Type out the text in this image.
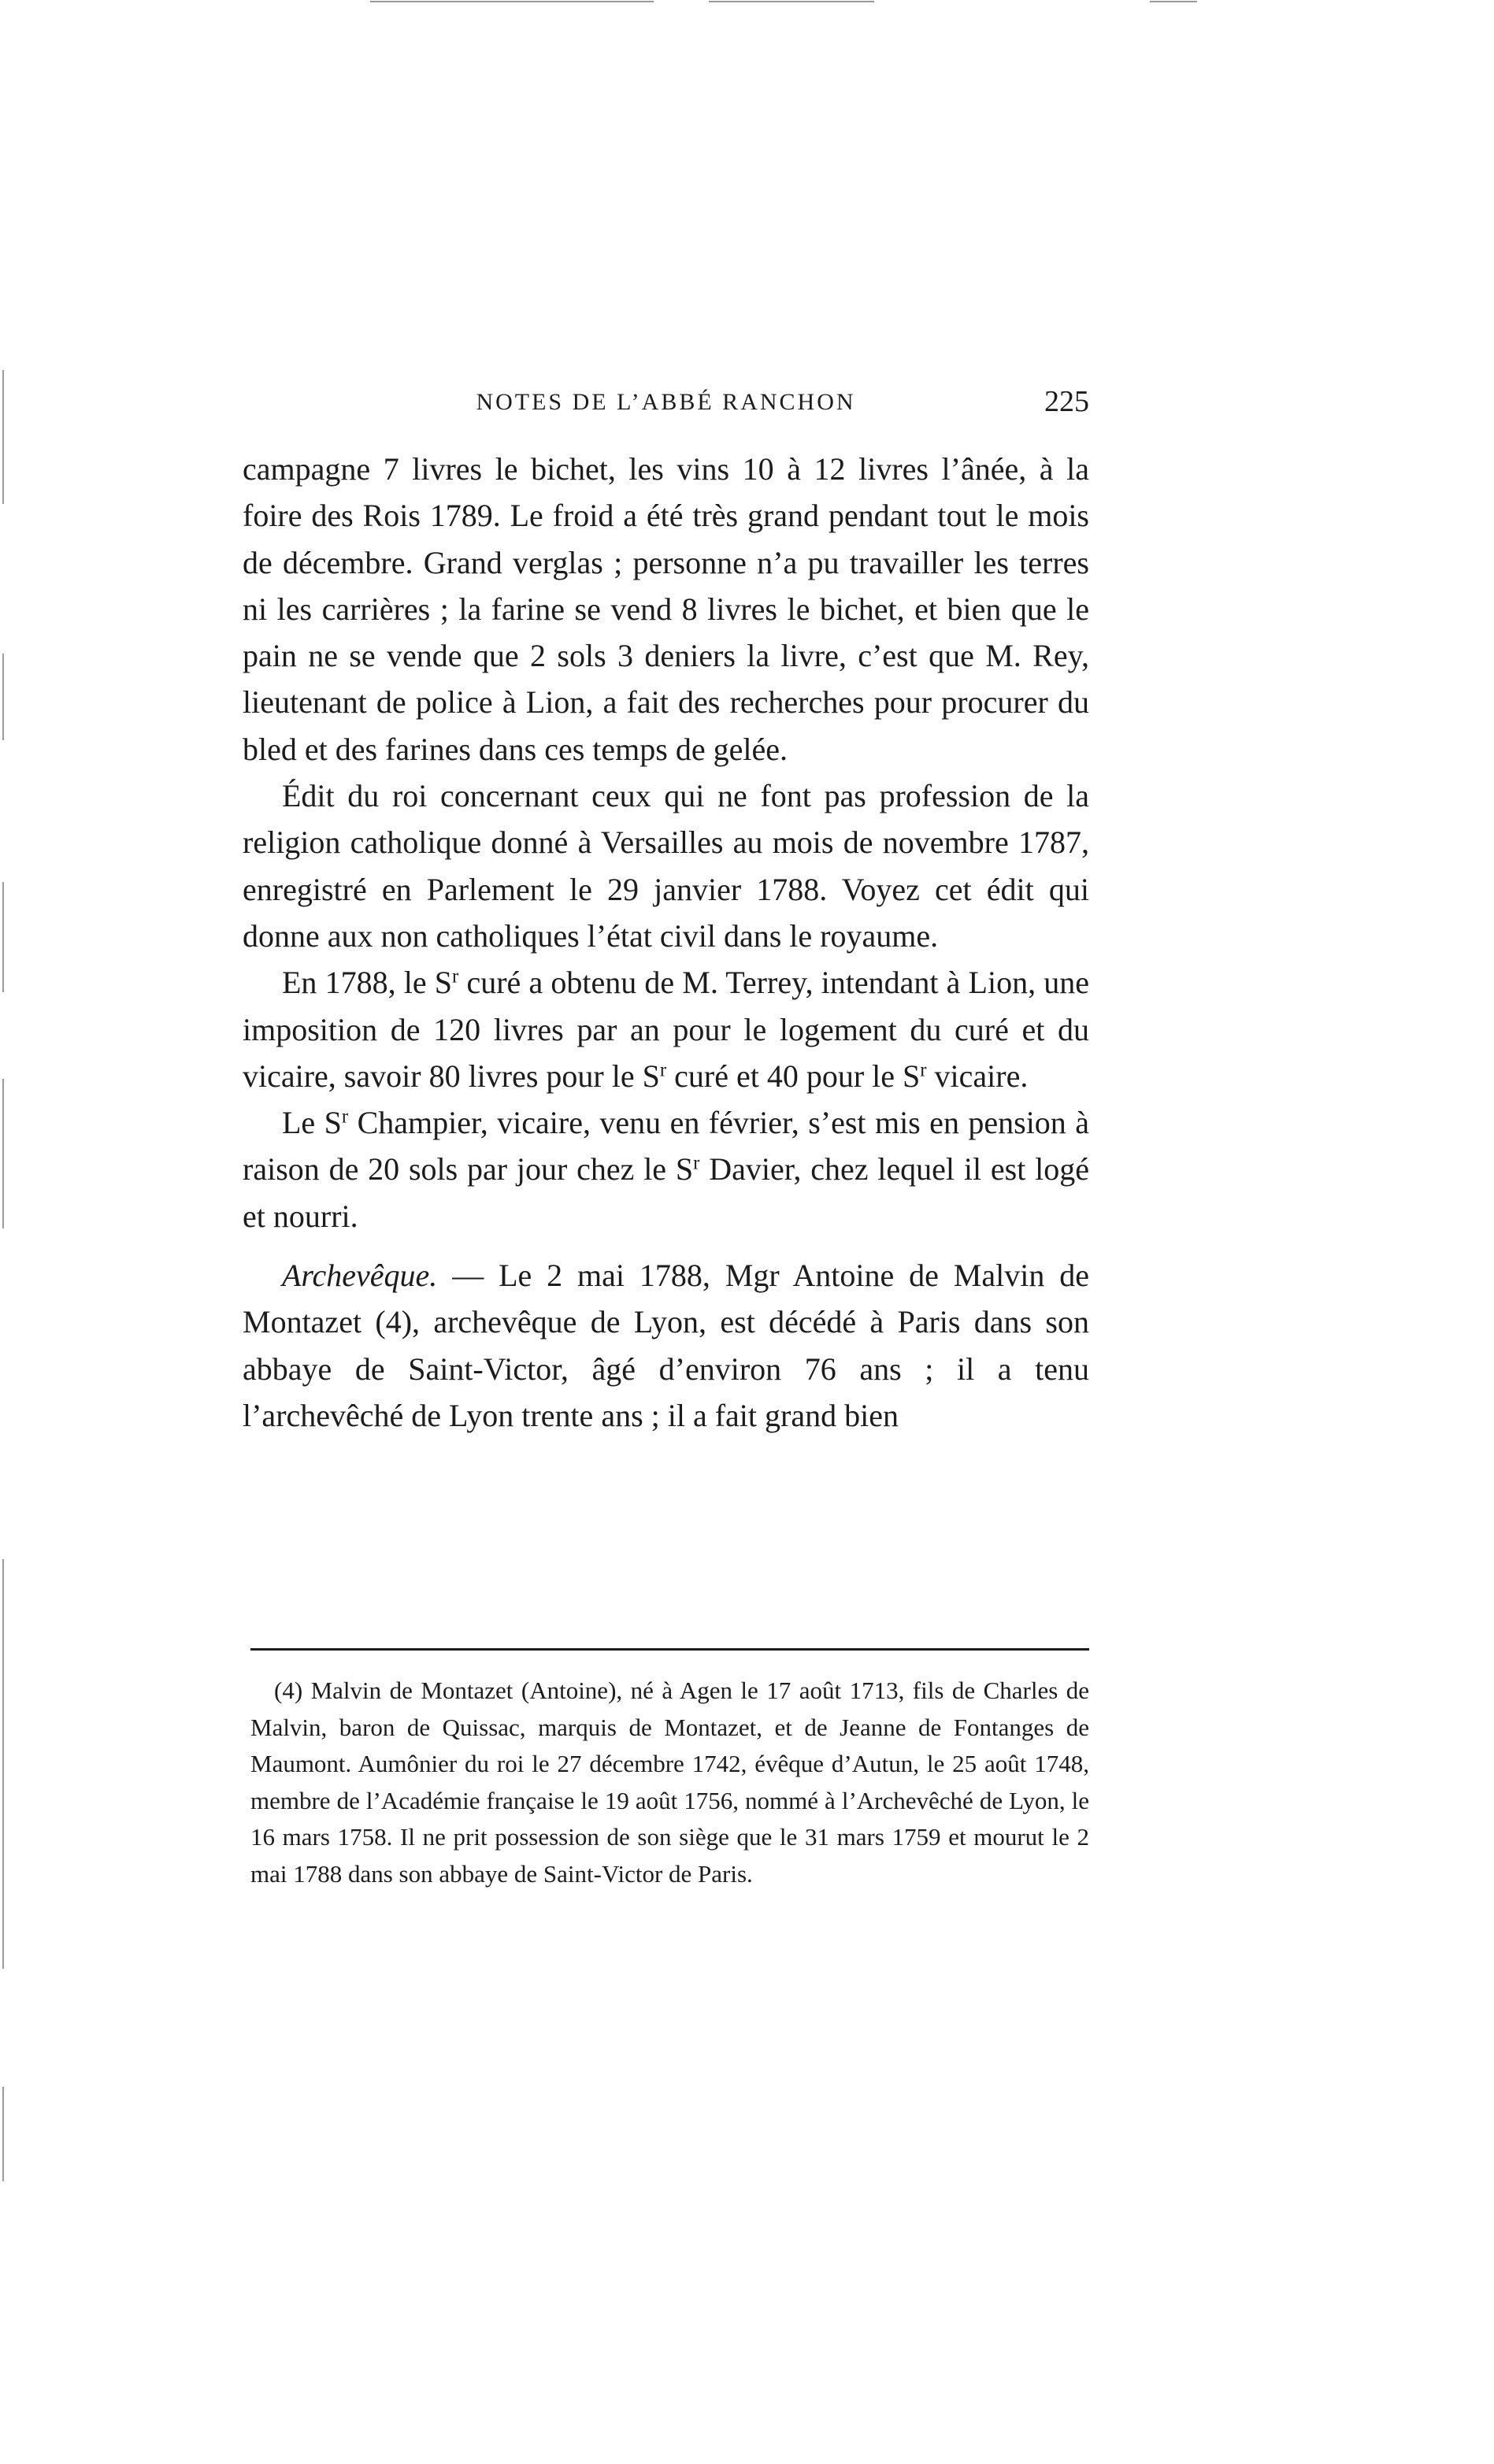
NOTES DE L’ABBÉ RANCHON	225

campagne 7 livres le bichet, les vins 10 à 12 livres l’ânée, à la foire des Rois 1789. Le froid a été très grand pendant tout le mois de décembre. Grand verglas ; personne n’a pu travailler les terres ni les carrières ; la farine se vend 8 livres le bichet, et bien que le pain ne se vende que 2 sols 3 deniers la livre, c’est que M. Rey, lieutenant de police à Lion, a fait des recherches pour procurer du bled et des farines dans ces temps de gelée.

Édit du roi concernant ceux qui ne font pas profession de la religion catholique donné à Versailles au mois de novembre 1787, enregistré en Parlement le 29 janvier 1788. Voyez cet édit qui donne aux non catholiques l’état civil dans le royaume.

En 1788, le $S^r$ curé a obtenu de M. Terrey, intendant à Lion, une imposition de 120 livres par an pour le logement du curé et du vicaire, savoir 80 livres pour le $S^r$ curé et 40 pour le $S^r$ vicaire.

Le $S^r$ Champier, vicaire, venu en février, s’est mis en pension à raison de 20 sols par jour chez le $S^r$ Davier, chez lequel il est logé et nourri.

Archevêque. — Le 2 mai 1788, Mgr Antoine de Malvin de Montazet (4), archevêque de Lyon, est décédé à Paris dans son abbaye de Saint-Victor, âgé d’environ 76 ans ; il a tenu l’archevêché de Lyon trente ans ; il a fait grand bien

(4) Malvin de Montazet (Antoine), né à Agen le 17 août 1713, fils de Charles de Malvin, baron de Quissac, marquis de Montazet, et de Jeanne de Fontanges de Maumont. Aumônier du roi le 27 décembre 1742, évêque d’Autun, le 25 août 1748, membre de l’Académie française le 19 août 1756, nommé à l’Archevêché de Lyon, le 16 mars 1758. Il ne prit possession de son siège que le 31 mars 1759 et mourut le 2 mai 1788 dans son abbaye de Saint-Victor de Paris.
